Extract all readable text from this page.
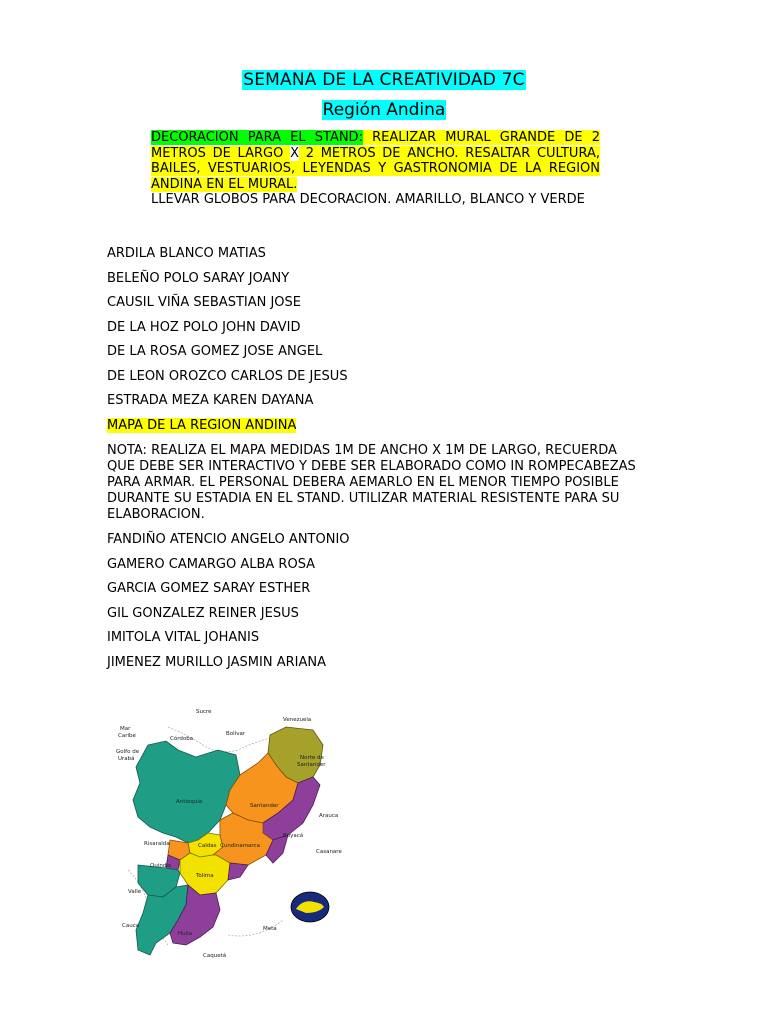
SEMANA DE LA CREATIVIDAD 7C
Región Andina
DECORACION PARA EL STAND: REALIZAR MURAL GRANDE DE 2 METROS DE LARGO X 2 METROS DE ANCHO. RESALTAR CULTURA, BAILES, VESTUARIOS, LEYENDAS Y GASTRONOMIA DE LA REGION ANDINA EN EL MURAL.
LLEVAR GLOBOS PARA DECORACION. AMARILLO, BLANCO Y VERDE
ARDILA BLANCO MATIAS
BELEÑO POLO SARAY JOANY
CAUSIL VIÑA SEBASTIAN JOSE
DE LA HOZ POLO JOHN DAVID
DE LA ROSA GOMEZ JOSE ANGEL
DE LEON OROZCO CARLOS DE JESUS
ESTRADA MEZA KAREN DAYANA
MAPA DE LA REGION ANDINA
NOTA: REALIZA EL MAPA MEDIDAS 1M DE ANCHO X 1M DE LARGO, RECUERDA QUE DEBE SER INTERACTIVO Y DEBE SER ELABORADO COMO IN ROMPECABEZAS PARA ARMAR. EL PERSONAL DEBERA AEMARLO EN EL MENOR TIEMPO POSIBLE DURANTE SU ESTADIA EN EL STAND. UTILIZAR MATERIAL RESISTENTE PARA SU ELABORACION.
FANDIÑO ATENCIO ANGELO ANTONIO
GAMERO CAMARGO ALBA ROSA
GARCIA GOMEZ SARAY ESTHER
GIL GONZALEZ REINER JESUS
IMITOLA VITAL JOHANIS
JIMENEZ MURILLO JASMIN ARIANA
Mar
Caribe
Golfo de
Urabá
Sucre
Bolívar
Córdoba
Venezuela
Norte de
Santander
Antioquia
Santander
Arauca
Boyacá
Risaralda	Caldas
Quindío
Cundinamarca
Casanare
Tolima
Valle
Cauca
Huila
Meta
Caquetá
